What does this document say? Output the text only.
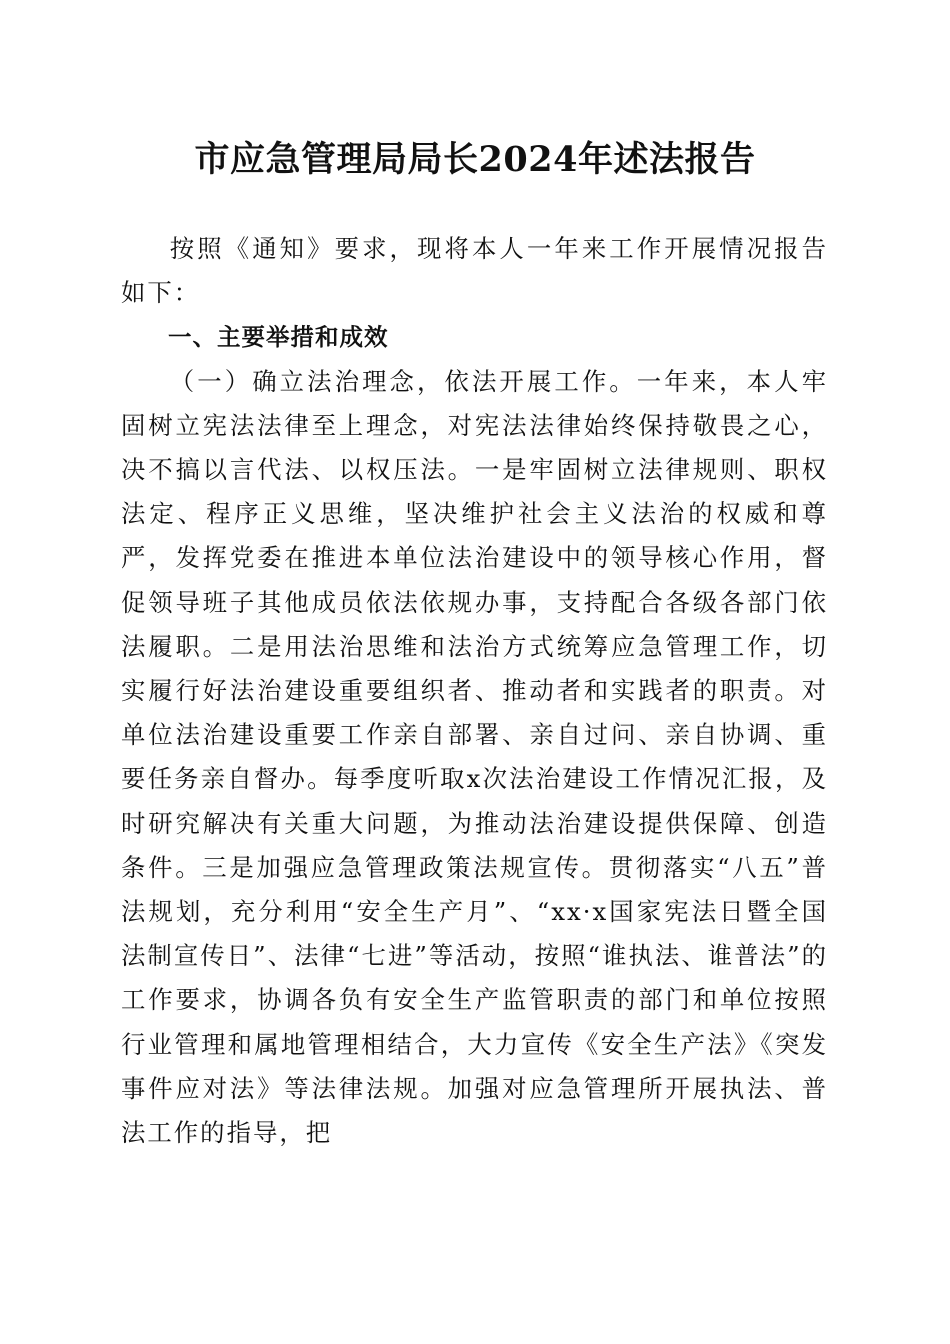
市应急管理局局长2024年述法报告

按照《通知》要求，现将本人一年来工作开展情况报告如下：

一、主要举措和成效

（一）确立法治理念，依法开展工作。一年来，本人牢固树立宪法法律至上理念，对宪法法律始终保持敬畏之心，决不搞以言代法、以权压法。一是牢固树立法律规则、职权法定、程序正义思维，坚决维护社会主义法治的权威和尊严，发挥党委在推进本单位法治建设中的领导核心作用，督促领导班子其他成员依法依规办事，支持配合各级各部门依法履职。二是用法治思维和法治方式统筹应急管理工作，切实履行好法治建设重要组织者、推动者和实践者的职责。对单位法治建设重要工作亲自部署、亲自过问、亲自协调、重要任务亲自督办。每季度听取x次法治建设工作情况汇报，及时研究解决有关重大问题，为推动法治建设提供保障、创造条件。三是加强应急管理政策法规宣传。贯彻落实“八五”普法规划，充分利用“安全生产月”、“xx·x国家宪法日暨全国法制宣传日”、法律“七进”等活动，按照“谁执法、谁普法”的工作要求，协调各负有安全生产监管职责的部门和单位按照行业管理和属地管理相结合，大力宣传《安全生产法》《突发事件应对法》等法律法规。加强对应急管理所开展执法、普法工作的指导，把
